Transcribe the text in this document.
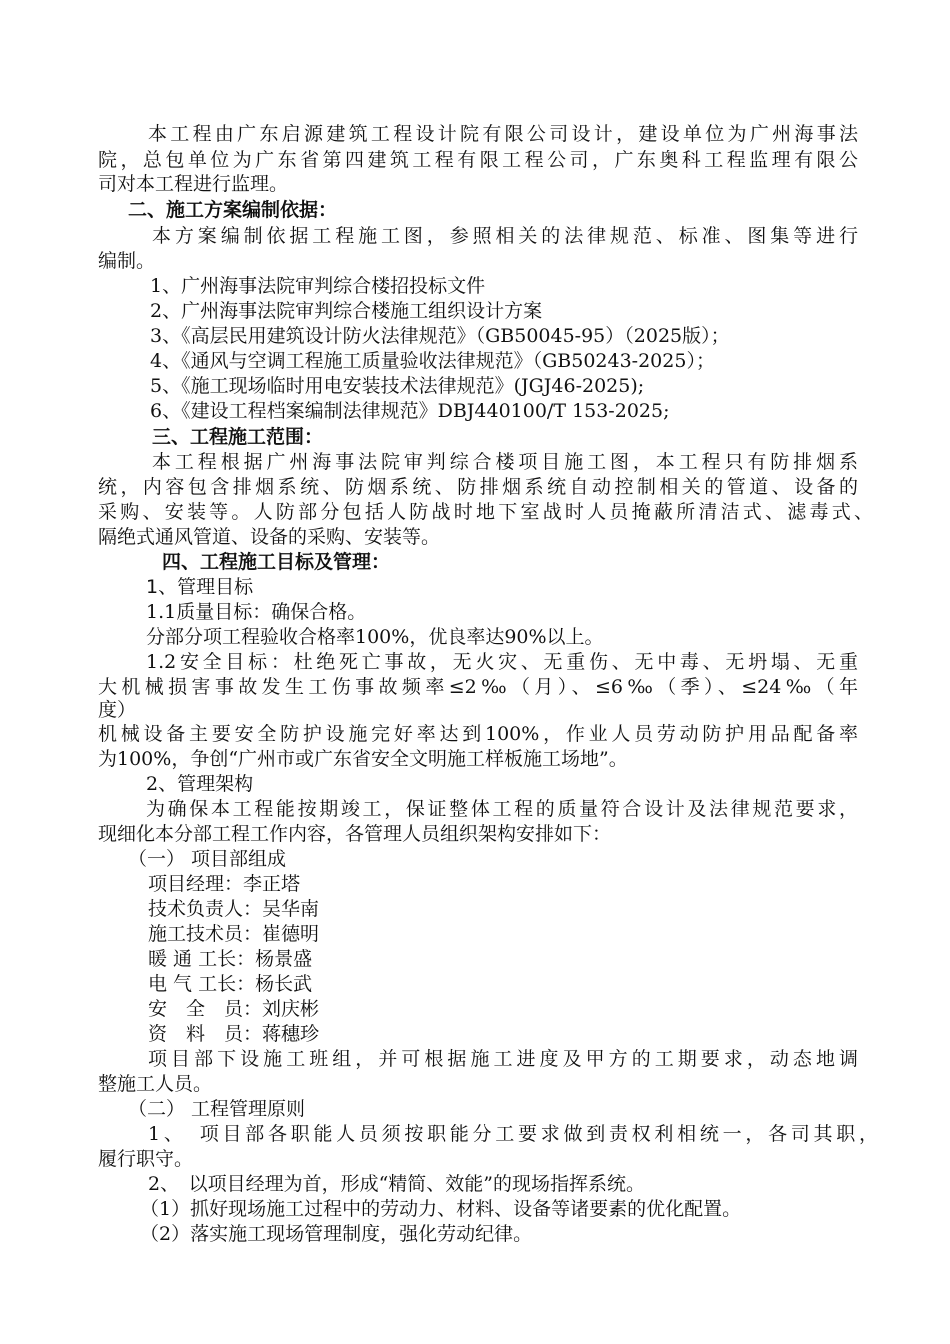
本工程由广东启源建筑工程设计院有限公司设计，建设单位为广州海事法
院，总包单位为广东省第四建筑工程有限工程公司，广东奥科工程监理有限公
司对本工程进行监理。
二、施工方案编制依据：
本方案编制依据工程施工图，参照相关的法律规范、标准、图集等进行
编制。
1、广州海事法院审判综合楼招投标文件
2、广州海事法院审判综合楼施工组织设计方案
3、《高层民用建筑设计防火法律规范》（GB50045-95）（2025版）；
4、《通风与空调工程施工质量验收法律规范》（GB50243-2025）；
5、《施工现场临时用电安装技术法律规范》(JGJ46-2025);
6、《建设工程档案编制法律规范》DBJ440100/T 153-2025;
三、工程施工范围：
本工程根据广州海事法院审判综合楼项目施工图，本工程只有防排烟系
统，内容包含排烟系统、防烟系统、防排烟系统自动控制相关的管道、设备的
采购、安装等。人防部分包括人防战时地下室战时人员掩蔽所清洁式、滤毒式、
隔绝式通风管道、设备的采购、安装等。
四、工程施工目标及管理：
1、管理目标
1.1质量目标：确保合格。
分部分项工程验收合格率100%，优良率达90%以上。
1.2安全目标：杜绝死亡事故，无火灾、无重伤、无中毒、无坍塌、无重
大机械损害事故发生工伤事故频率≤2‰（月）、≤6‰（季）、≤24‰（年
度）
机械设备主要安全防护设施完好率达到100%，作业人员劳动防护用品配备率
为100%，争创“广州市或广东省安全文明施工样板施工场地”。
2、管理架构
为确保本工程能按期竣工，保证整体工程的质量符合设计及法律规范要求，
现细化本分部工程工作内容，各管理人员组织架构安排如下：
（一） 项目部组成
项目经理：李正塔
技术负责人：吴华南
施工技术员：崔德明
暖 通 工长：杨景盛
电 气 工长：杨长武
安　全　员：刘庆彬
资　料　员：蒋穗珍
项目部下设施工班组，并可根据施工进度及甲方的工期要求，动态地调
整施工人员。
（二） 工程管理原则
1、　项目部各职能人员须按职能分工要求做到责权利相统一，各司其职，
履行职守。
2、　以项目经理为首，形成“精简、效能”的现场指挥系统。
（1）抓好现场施工过程中的劳动力、材料、设备等诸要素的优化配置。
（2）落实施工现场管理制度，强化劳动纪律。
